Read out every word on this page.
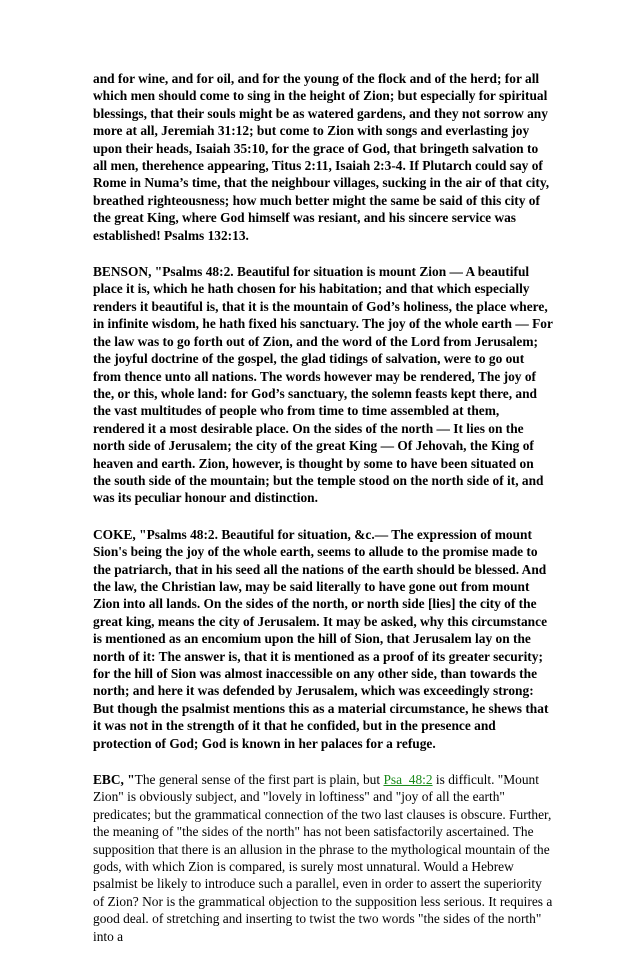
and for wine, and for oil, and for the young of the flock and of the herd; for all which men should come to sing in the height of Zion; but especially for spiritual blessings, that their souls might be as watered gardens, and they not sorrow any more at all, Jeremiah 31:12; but come to Zion with songs and everlasting joy upon their heads, Isaiah 35:10, for the grace of God, that bringeth salvation to all men, therehence appearing, Titus 2:11, Isaiah 2:3-4. If Plutarch could say of Rome in Numa’s time, that the neighbour villages, sucking in the air of that city, breathed righteousness; how much better might the same be said of this city of the great King, where God himself was resiant, and his sincere service was established! Psalms 132:13.

BENSON, "Psalms 48:2. Beautiful for situation is mount Zion — A beautiful place it is, which he hath chosen for his habitation; and that which especially renders it beautiful is, that it is the mountain of God’s holiness, the place where, in infinite wisdom, he hath fixed his sanctuary. The joy of the whole earth — For the law was to go forth out of Zion, and the word of the Lord from Jerusalem; the joyful doctrine of the gospel, the glad tidings of salvation, were to go out from thence unto all nations. The words however may be rendered, The joy of the, or this, whole land: for God’s sanctuary, the solemn feasts kept there, and the vast multitudes of people who from time to time assembled at them, rendered it a most desirable place. On the sides of the north — It lies on the north side of Jerusalem; the city of the great King — Of Jehovah, the King of heaven and earth. Zion, however, is thought by some to have been situated on the south side of the mountain; but the temple stood on the north side of it, and was its peculiar honour and distinction.

COKE, "Psalms 48:2. Beautiful for situation, &c.— The expression of mount Sion's being the joy of the whole earth, seems to allude to the promise made to the patriarch, that in his seed all the nations of the earth should be blessed. And the law, the Christian law, may be said literally to have gone out from mount Zion into all lands. On the sides of the north, or north side [lies] the city of the great king, means the city of Jerusalem. It may be asked, why this circumstance is mentioned as an encomium upon the hill of Sion, that Jerusalem lay on the north of it: The answer is, that it is mentioned as a proof of its greater security; for the hill of Sion was almost inaccessible on any other side, than towards the north; and here it was defended by Jerusalem, which was exceedingly strong: But though the psalmist mentions this as a material circumstance, he shews that it was not in the strength of it that he confided, but in the presence and protection of God; God is known in her palaces for a refuge.

EBC, "The general sense of the first part is plain, but Psa_48:2 is difficult. "Mount Zion" is obviously subject, and "lovely in loftiness" and "joy of all the earth" predicates; but the grammatical connection of the two last clauses is obscure. Further, the meaning of "the sides of the north" has not been satisfactorily ascertained. The supposition that there is an allusion in the phrase to the mythological mountain of the gods, with which Zion is compared, is surely most unnatural. Would a Hebrew psalmist be likely to introduce such a parallel, even in order to assert the superiority of Zion? Nor is the grammatical objection to the supposition less serious. It requires a good deal. of stretching and inserting to twist the two words "the sides of the north" into a
